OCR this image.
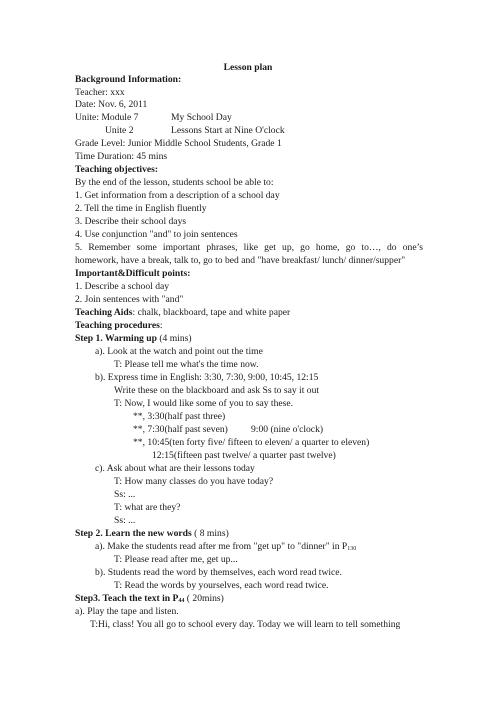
Lesson plan
Background Information:
Teacher: xxx
Date: Nov. 6, 2011
Unite: Module 7	My School Day
Unite 2	Lessons Start at Nine O'clock
Grade Level: Junior Middle School Students, Grade 1
Time Duration: 45 mins
Teaching objectives:
By the end of the lesson, students school be able to:
1. Get information from a description of a school day
2. Tell the time in English fluently
3. Describe their school days
4. Use conjunction "and" to join sentences
5. Remember some important phrases, like get up, go home, go to…, do one’s
homework, have a break, talk to, go to bed and "have breakfast/ lunch/ dinner/supper"
Important&Difficult points:
1. Describe a school day
2. Join sentences with "and"
Teaching Aids: chalk, blackboard, tape and white paper
Teaching procedures:
Step 1. Warming up (4 mins)
a). Look at the watch and point out the time
T: Please tell me what's the time now.
b). Express time in English: 3:30, 7:30, 9:00, 10:45, 12:15
Write these on the blackboard and ask Ss to say it out
T: Now, I would like some of you to say these.
**, 3:30(half past three)
**, 7:30(half past seven) 9:00 (nine o'clock)
**, 10:45(ten forty five/ fifteen to eleven/ a quarter to eleven)
12:15(fifteen past twelve/ a quarter past twelve)
c). Ask about what are their lessons today
T: How many classes do you have today?
Ss: ...
T: what are they?
Ss: ...
Step 2. Learn the new words ( 8 mins)
a). Make the students read after me from "get up" to "dinner" in $P_{130}$
T: Please read after me, get up...
b). Students read the word by themselves, each word read twice.
T: Read the words by yourselves, each word read twice.
Step3. Teach the text in $P_{44}$ ( 20mins)
a). Play the tape and listen.
T:Hi, class! You all go to school every day. Today we will learn to tell something
